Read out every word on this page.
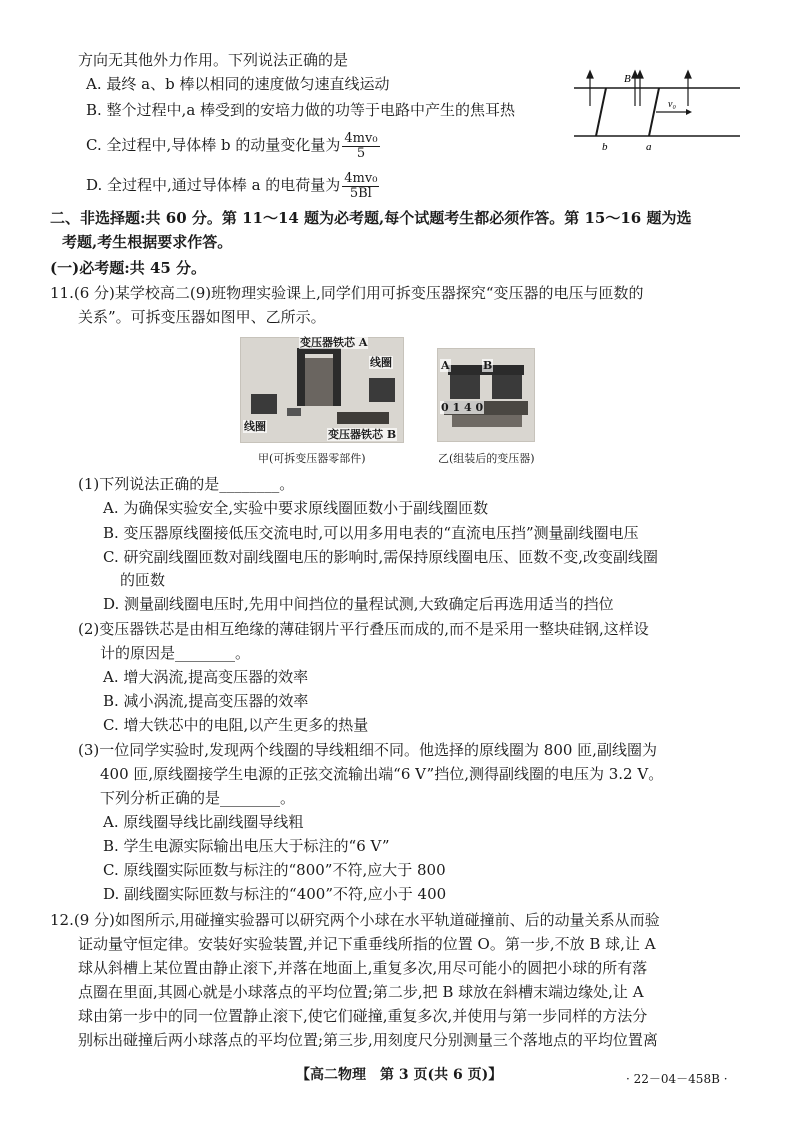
方向无其他外力作用。下列说法正确的是
A. 最终 a、b 棒以相同的速度做匀速直线运动
B. 整个过程中,a 棒受到的安培力做的功等于电路中产生的焦耳热
C. 全过程中,导体棒 b 的动量变化量为 $\frac{\text{4mv₀}}{5}$
D. 全过程中,通过导体棒 a 的电荷量为 $\frac{\text{4mv₀}}{5Bl}$
B
v₀
b	a
二、非选择题:共 60 分。第 11～14 题为必考题,每个试题考生都必须作答。第 15～16 题为选
考题,考生根据要求作答。
(一)必考题:共 45 分。
11.(6 分)某学校高二(9)班物理实验课上,同学们用可拆变压器探究“变压器的电压与匝数的
关系”。可拆变压器如图甲、乙所示。
变压器铁芯 A
线圈
线圈
变压器铁芯 B
甲(可拆变压器零部件)
A	B
0 1 4 0
乙(组装后的变压器)
(1)下列说法正确的是________。
A. 为确保实验安全,实验中要求原线圈匝数小于副线圈匝数
B. 变压器原线圈接低压交流电时,可以用多用电表的“直流电压挡”测量副线圈电压
C. 研究副线圈匝数对副线圈电压的影响时,需保持原线圈电压、匝数不变,改变副线圈
的匝数
D. 测量副线圈电压时,先用中间挡位的量程试测,大致确定后再选用适当的挡位
(2)变压器铁芯是由相互绝缘的薄硅钢片平行叠压而成的,而不是采用一整块硅钢,这样设
计的原因是________。
A. 增大涡流,提高变压器的效率
B. 减小涡流,提高变压器的效率
C. 增大铁芯中的电阻,以产生更多的热量
(3)一位同学实验时,发现两个线圈的导线粗细不同。他选择的原线圈为 800 匝,副线圈为
400 匝,原线圈接学生电源的正弦交流输出端“6 V”挡位,测得副线圈的电压为 3.2 V。
下列分析正确的是________。
A. 原线圈导线比副线圈导线粗
B. 学生电源实际输出电压大于标注的“6 V”
C. 原线圈实际匝数与标注的“800”不符,应大于 800
D. 副线圈实际匝数与标注的“400”不符,应小于 400
12.(9 分)如图所示,用碰撞实验器可以研究两个小球在水平轨道碰撞前、后的动量关系从而验
证动量守恒定律。安装好实验装置,并记下重垂线所指的位置 O。第一步,不放 B 球,让 A
球从斜槽上某位置由静止滚下,并落在地面上,重复多次,用尽可能小的圆把小球的所有落
点圈在里面,其圆心就是小球落点的平均位置;第二步,把 B 球放在斜槽末端边缘处,让 A
球由第一步中的同一位置静止滚下,使它们碰撞,重复多次,并使用与第一步同样的方法分
别标出碰撞后两小球落点的平均位置;第三步,用刻度尺分别测量三个落地点的平均位置离
【高二物理　第 3 页(共 6 页)】	· 22－04－458B ·
